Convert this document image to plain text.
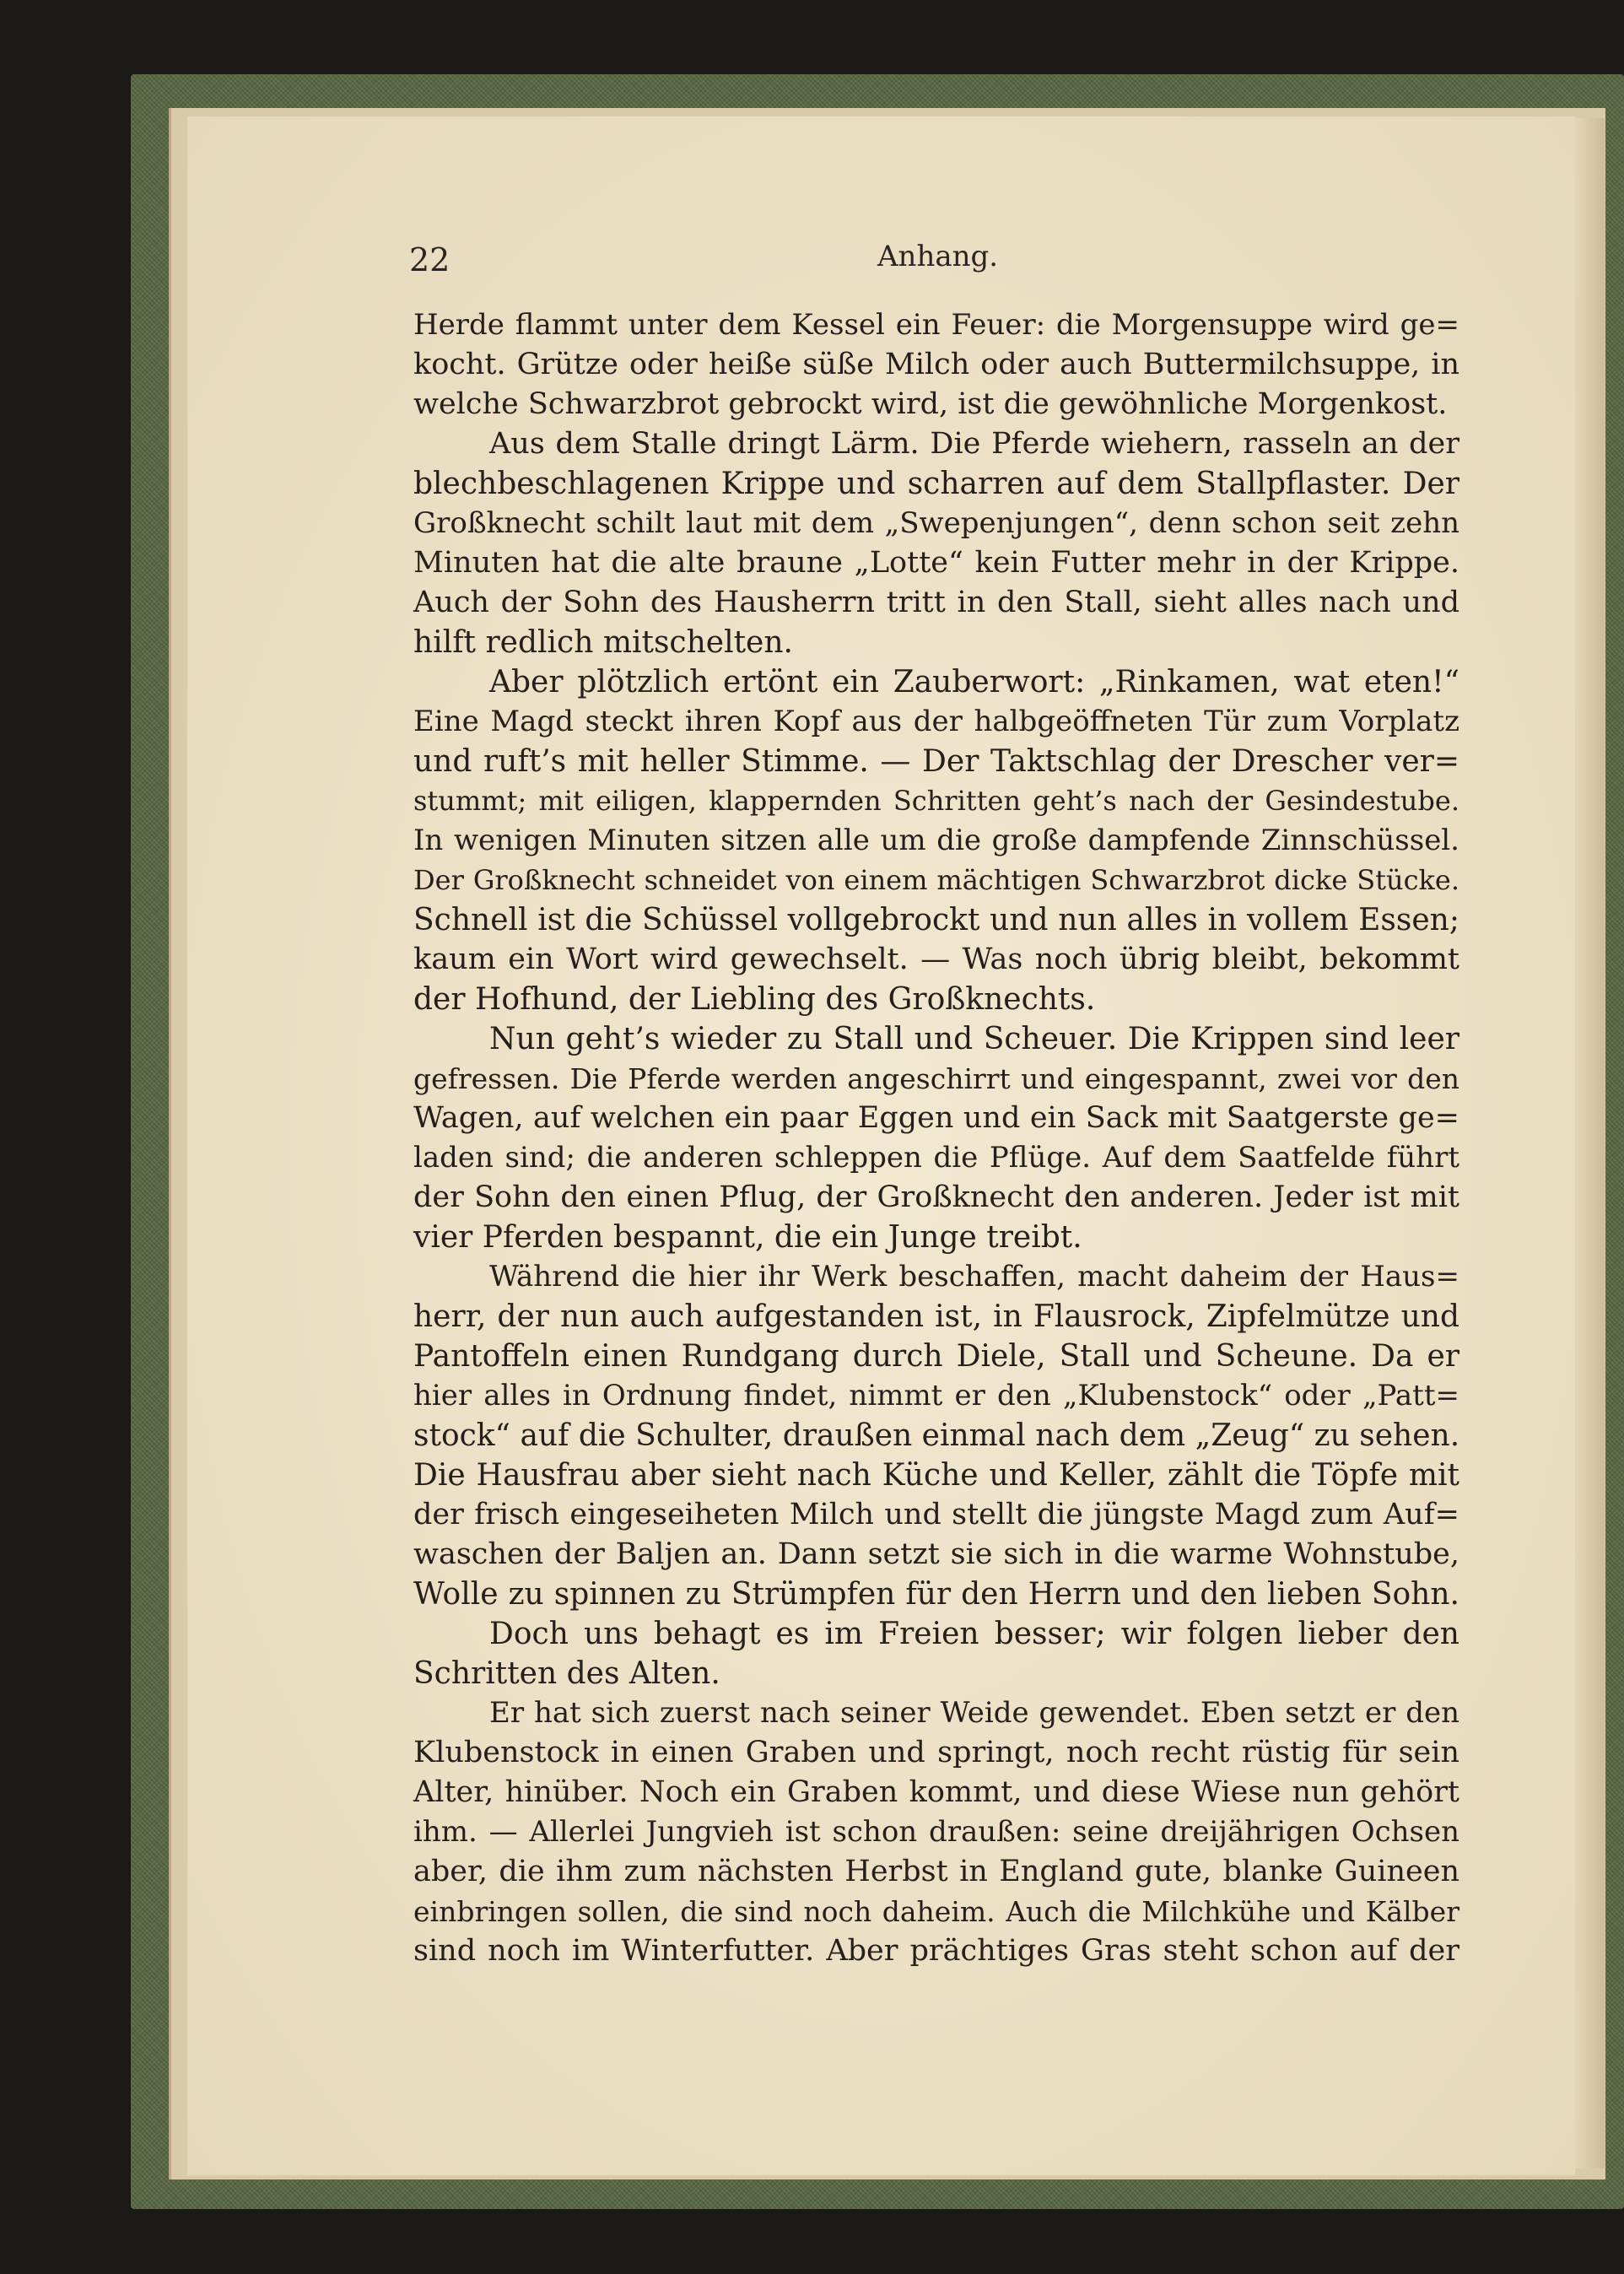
22	Anhang.
Herde flammt unter dem Kessel ein Feuer: die Morgensuppe wird ge=
kocht. Grütze oder heiße süße Milch oder auch Buttermilchsuppe, in
welche Schwarzbrot gebrockt wird, ist die gewöhnliche Morgenkost.
Aus dem Stalle dringt Lärm. Die Pferde wiehern, rasseln an der
blechbeschlagenen Krippe und scharren auf dem Stallpflaster. Der
Großknecht schilt laut mit dem „Swepenjungen“, denn schon seit zehn
Minuten hat die alte braune „Lotte“ kein Futter mehr in der Krippe.
Auch der Sohn des Hausherrn tritt in den Stall, sieht alles nach und
hilft redlich mitschelten.
Aber plötzlich ertönt ein Zauberwort: „Rinkamen, wat eten!“
Eine Magd steckt ihren Kopf aus der halbgeöffneten Tür zum Vorplatz
und ruft’s mit heller Stimme. — Der Taktschlag der Drescher ver=
stummt; mit eiligen, klappernden Schritten geht’s nach der Gesindestube.
In wenigen Minuten sitzen alle um die große dampfende Zinnschüssel.
Der Großknecht schneidet von einem mächtigen Schwarzbrot dicke Stücke.
Schnell ist die Schüssel vollgebrockt und nun alles in vollem Essen;
kaum ein Wort wird gewechselt. — Was noch übrig bleibt, bekommt
der Hofhund, der Liebling des Großknechts.
Nun geht’s wieder zu Stall und Scheuer. Die Krippen sind leer
gefressen. Die Pferde werden angeschirrt und eingespannt, zwei vor den
Wagen, auf welchen ein paar Eggen und ein Sack mit Saatgerste ge=
laden sind; die anderen schleppen die Pflüge. Auf dem Saatfelde führt
der Sohn den einen Pflug, der Großknecht den anderen. Jeder ist mit
vier Pferden bespannt, die ein Junge treibt.
Während die hier ihr Werk beschaffen, macht daheim der Haus=
herr, der nun auch aufgestanden ist, in Flausrock, Zipfelmütze und
Pantoffeln einen Rundgang durch Diele, Stall und Scheune. Da er
hier alles in Ordnung findet, nimmt er den „Klubenstock“ oder „Patt=
stock“ auf die Schulter, draußen einmal nach dem „Zeug“ zu sehen.
Die Hausfrau aber sieht nach Küche und Keller, zählt die Töpfe mit
der frisch eingeseiheten Milch und stellt die jüngste Magd zum Auf=
waschen der Baljen an. Dann setzt sie sich in die warme Wohnstube,
Wolle zu spinnen zu Strümpfen für den Herrn und den lieben Sohn.
Doch uns behagt es im Freien besser; wir folgen lieber den
Schritten des Alten.
Er hat sich zuerst nach seiner Weide gewendet. Eben setzt er den
Klubenstock in einen Graben und springt, noch recht rüstig für sein
Alter, hinüber. Noch ein Graben kommt, und diese Wiese nun gehört
ihm. — Allerlei Jungvieh ist schon draußen: seine dreijährigen Ochsen
aber, die ihm zum nächsten Herbst in England gute, blanke Guineen
einbringen sollen, die sind noch daheim. Auch die Milchkühe und Kälber
sind noch im Winterfutter. Aber prächtiges Gras steht schon auf der
